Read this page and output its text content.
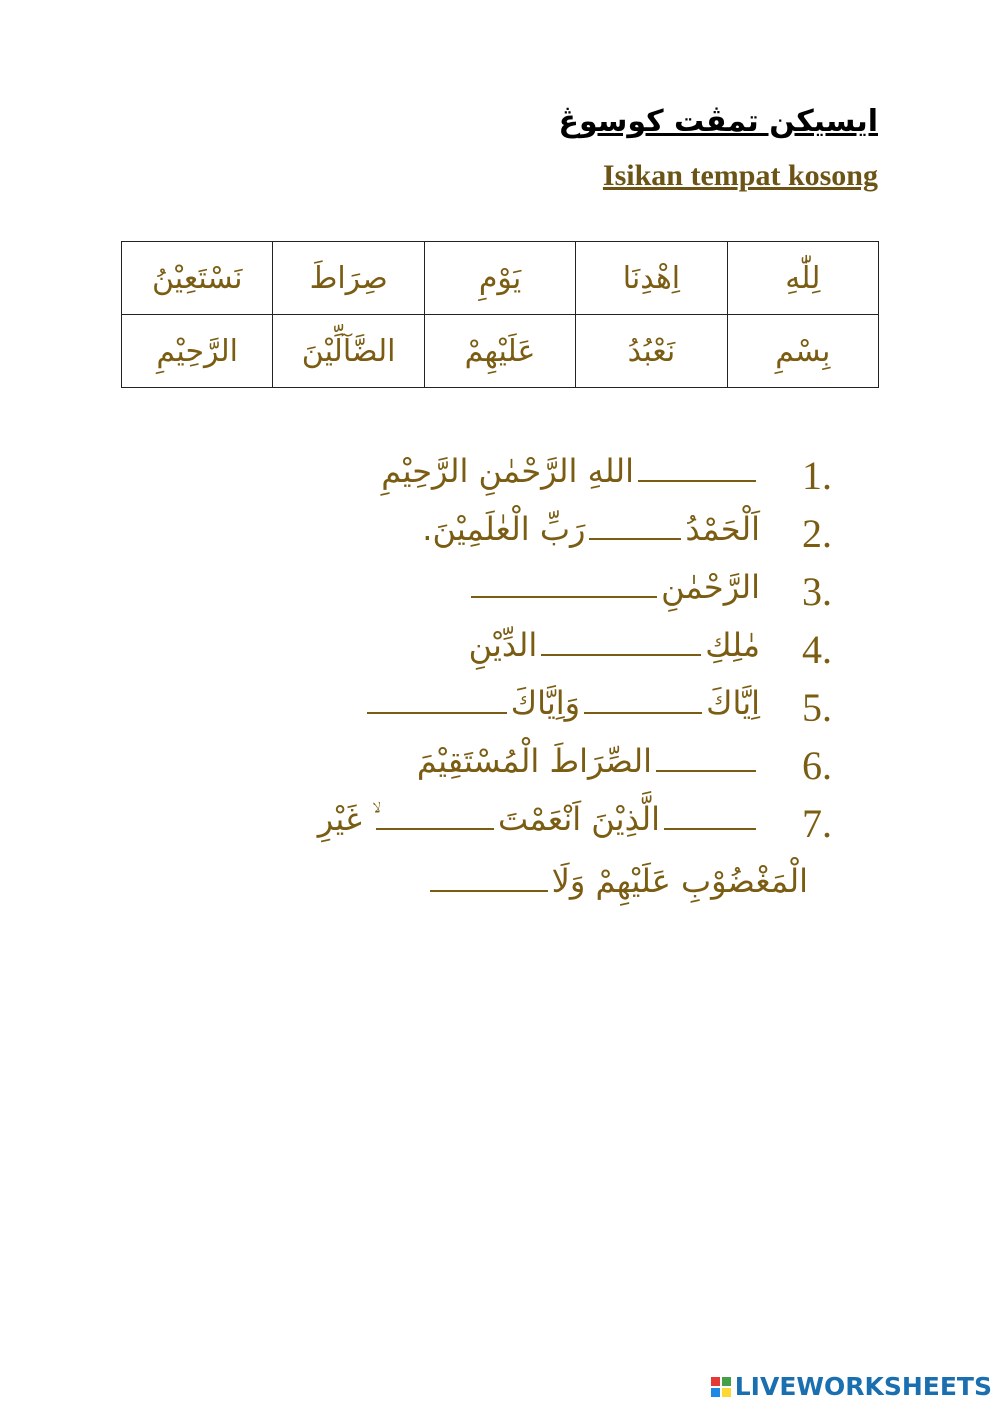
ايسيكن تمڤت كوسوڠ
Isikan tempat kosong
لِلّٰهِ	اِهْدِنَا	يَوْمِ	صِرَاطَ	نَسْتَعِيْنُ
بِسْمِ	نَعْبُدُ	عَلَيْهِمْ	الضَّآلِّيْنَ	الرَّحِيْمِ
1.
اللهِ الرَّحْمٰنِ الرَّحِيْمِ
2.
اَلْحَمْدُرَبِّ الْعٰلَمِيْنَ.
3.
الرَّحْمٰنِ
4.
مٰلِكِالدِّيْنِ
5.
اِيَّاكَوَاِيَّاكَ
6.
الصِّرَاطَ الْمُسْتَقِيْمَ
7.
الَّذِيْنَ اَنْعَمْتَۙ غَيْرِ
الْمَغْضُوْبِ عَلَيْهِمْ وَلَا
LIVEWORKSHEETS
